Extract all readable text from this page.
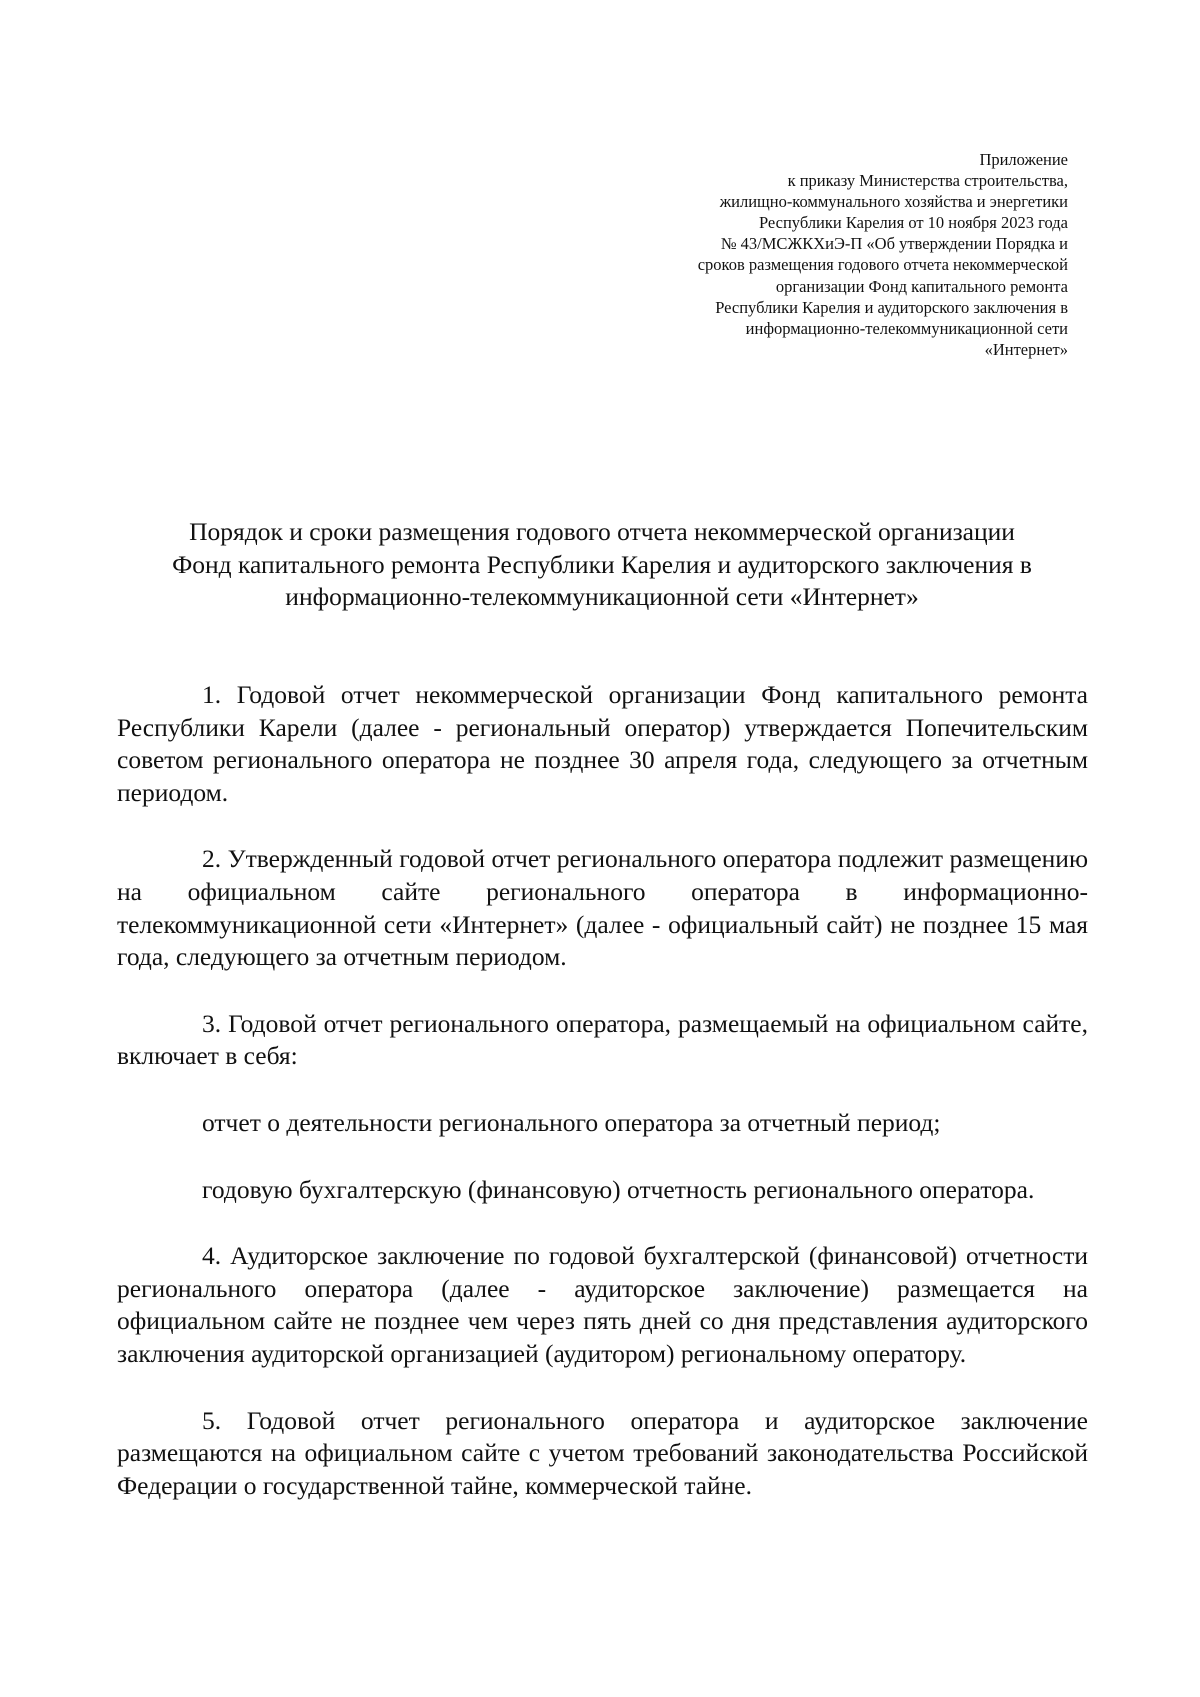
Приложение
к приказу Министерства строительства,
жилищно-коммунального хозяйства и энергетики
Республики Карелия от 10 ноября 2023 года
№ 43/МСЖКХиЭ-П «Об утверждении Порядка и
сроков размещения годового отчета некоммерческой
организации Фонд капитального ремонта
Республики Карелия и аудиторского заключения в
информационно-телекоммуникационной сети
«Интернет»
Порядок и сроки размещения годового отчета некоммерческой организации
Фонд капитального ремонта Республики Карелия и аудиторского заключения в
информационно-телекоммуникационной сети «Интернет»

1. Годовой отчет некоммерческой организации Фонд капитального ремонта Республики Карели (далее - региональный оператор) утверждается Попечительским советом регионального оператора не позднее 30 апреля года, следующего за отчетным периодом.

2. Утвержденный годовой отчет регионального оператора подлежит размещению на официальном сайте регионального оператора в информационно-телекоммуникационной сети «Интернет» (далее - официальный сайт) не позднее 15 мая года, следующего за отчетным периодом.

3. Годовой отчет регионального оператора, размещаемый на официальном сайте, включает в себя:

отчет о деятельности регионального оператора за отчетный период;

годовую бухгалтерскую (финансовую) отчетность регионального оператора.

4. Аудиторское заключение по годовой бухгалтерской (финансовой) отчетности регионального оператора (далее - аудиторское заключение) размещается на официальном сайте не позднее чем через пять дней со дня представления аудиторского заключения аудиторской организацией (аудитором) региональному оператору.

5. Годовой отчет регионального оператора и аудиторское заключение размещаются на официальном сайте с учетом требований законодательства Российской Федерации о государственной тайне, коммерческой тайне.
